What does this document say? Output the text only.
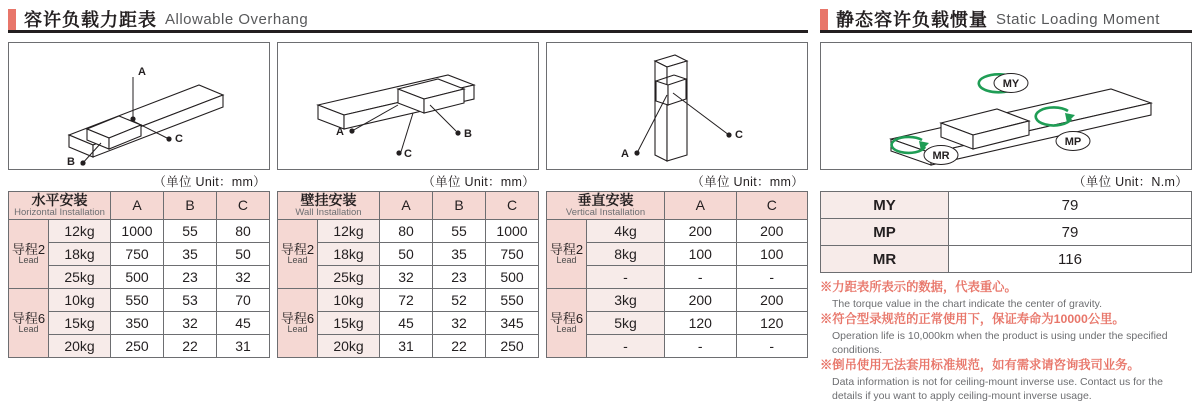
容许负载力距表 Allowable Overhang	静态容许负载惯量 Static Loading Moment
A
C
B
（单位 Unit：mm）
水平安装
Horizontal Installation		A	B	C

导程2
Lead	12kg	1000	55	80
	18kg	750	35	50
	25kg	500	23	32

导程6
Lead	10kg	550	53	70
	15kg	350	32	45
	20kg	250	22	31
A	B
C
（单位 Unit：mm）
壁挂安装
Wall Installation		A	B	C

导程2
Lead	12kg	80	55	1000
	18kg	50	35	750
	25kg	32	23	500

导程6
Lead	10kg	72	52	550
	15kg	45	32	345
	20kg	31	22	250
A
C
（单位 Unit：mm）
垂直安装
Vertical Installation		A	C

导程2
Lead	4kg	200	200
	8kg	100	100
	-	-	-

导程6
Lead	3kg	200	200
	5kg	120	120
	-	-	-
MY
MP
MR
（单位 Unit：N.m）
MY	79
MP	79
MR	116
※力距表所表示的数据，代表重心。
The torque value in the chart indicate the center of gravity.
※符合型录规范的正常使用下，保证寿命为10000公里。
Operation life is 10,000km when the product is using under the specified conditions.
※倒吊使用无法套用标准规范，如有需求请咨询我司业务。
Data information is not for ceiling-mount inverse use. Contact us for the details if you want to apply ceiling-mount inverse usage.
